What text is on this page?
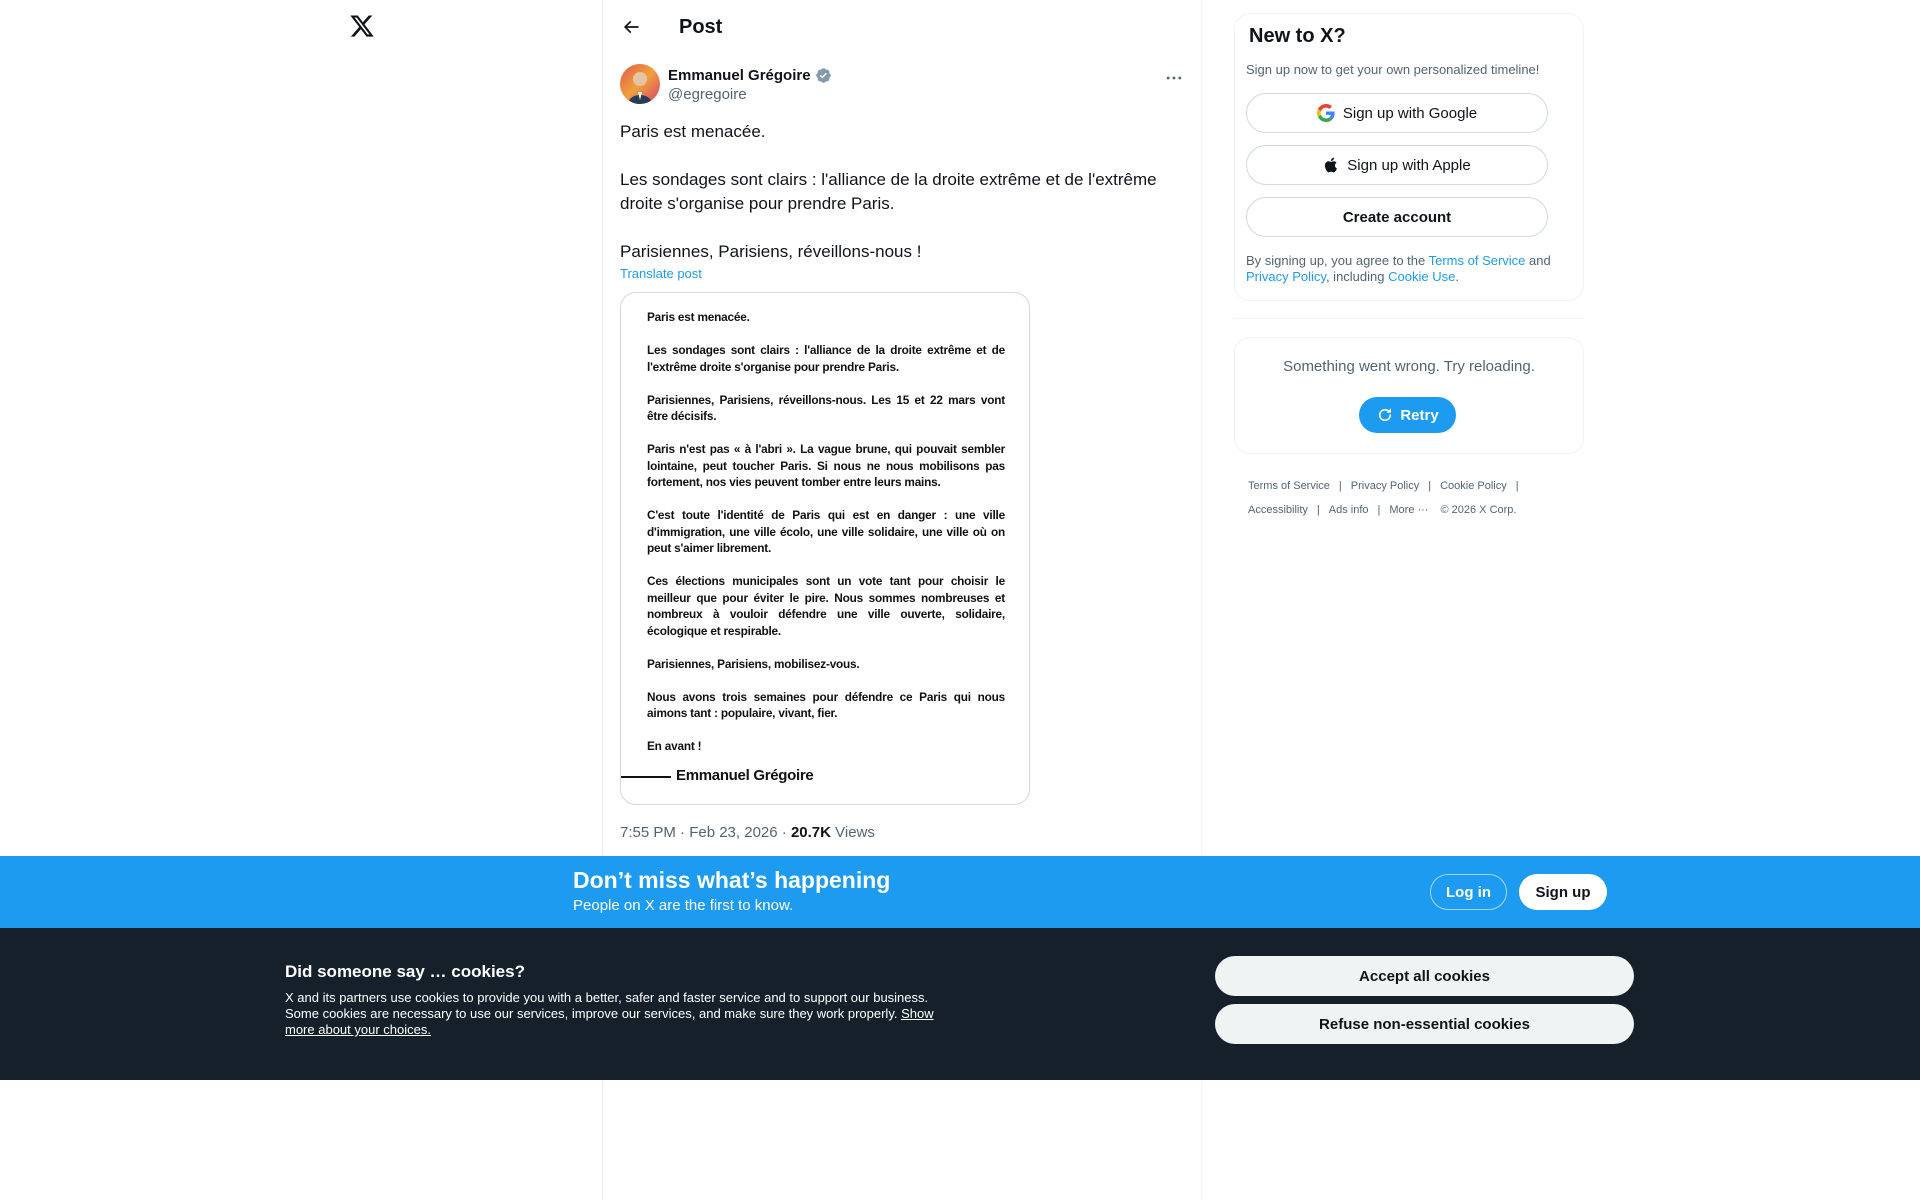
Post
Emmanuel Grégoire
@egregoire

Paris est menacée.

Les sondages sont clairs : l'alliance de la droite extrême et de l'extrême droite s'organise pour prendre Paris.

Parisiennes, Parisiens, réveillons-nous !

Translate post

Paris est menacée.

Les sondages sont clairs : l'alliance de la droite extrême et de l'extrême droite s'organise pour prendre Paris.

Parisiennes, Parisiens, réveillons-nous. Les 15 et 22 mars vont être décisifs.

Paris n'est pas « à l'abri ». La vague brune, qui pouvait sembler lointaine, peut toucher Paris. Si nous ne nous mobilisons pas fortement, nos vies peuvent tomber entre leurs mains.

C'est toute l'identité de Paris qui est en danger : une ville d'immigration, une ville écolo, une ville solidaire, une ville où on peut s'aimer librement.

Ces élections municipales sont un vote tant pour choisir le meilleur que pour éviter le pire. Nous sommes nombreuses et nombreux à vouloir défendre une ville ouverte, solidaire, écologique et respirable.

Parisiennes, Parisiens, mobilisez-vous.

Nous avons trois semaines pour défendre ce Paris qui nous aimons tant : populaire, vivant, fier.

En avant !

Emmanuel Grégoire
7:55 PM · Feb 23, 2026 · 20.7K Views
New to X?
Sign up now to get your own personalized timeline!
Sign up with Google
Sign up with Apple
Create account
By signing up, you agree to the Terms of Service and Privacy Policy, including Cookie Use.
Something went wrong. Try reloading.
Retry
Terms of Service | Privacy Policy | Cookie Policy |
Accessibility | Ads info | More ··· © 2026 X Corp.
Don’t miss what’s happening
People on X are the first to know.
Log in	Sign up
Did someone say … cookies?
X and its partners use cookies to provide you with a better, safer and faster service and to support our business. Some cookies are necessary to use our services, improve our services, and make sure they work properly. Show more about your choices.
Accept all cookies
Refuse non-essential cookies
